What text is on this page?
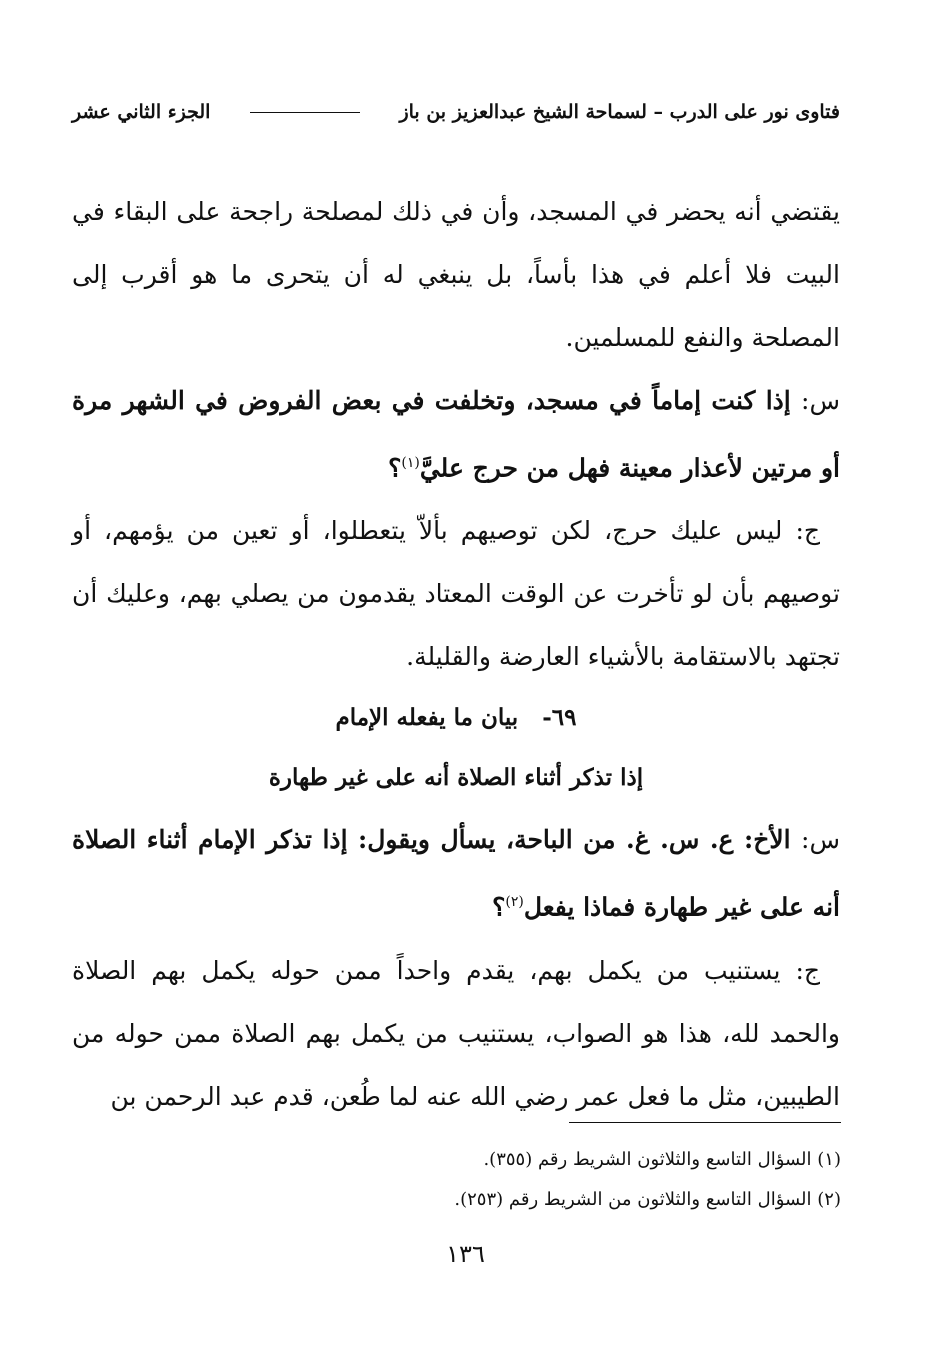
فتاوى نور على الدرب – لسماحة الشيخ عبدالعزيز بن باز
الجزء الثاني عشر

يقتضي أنه يحضر في المسجد، وأن في ذلك لمصلحة راجحة على البقاء في البيت فلا أعلم في هذا بأساً، بل ينبغي له أن يتحرى ما هو أقرب إلى المصلحة والنفع للمسلمين.

س: إذا كنت إماماً في مسجد، وتخلفت في بعض الفروض في الشهر مرة أو مرتين لأعذار معينة فهل من حرج عليَّ$^{(١)}$؟

ج: ليس عليك حرج، لكن توصيهم بألاّ يتعطلوا، أو تعين من يؤمهم، أو توصيهم بأن لو تأخرت عن الوقت المعتاد يقدمون من يصلي بهم، وعليك أن تجتهد بالاستقامة بالأشياء العارضة والقليلة.

٦٩-   بيان ما يفعله الإمام
إذا تذكر أثناء الصلاة أنه على غير طهارة

س: الأخ: ع. س. غ. من الباحة، يسأل ويقول: إذا تذكر الإمام أثناء الصلاة أنه على غير طهارة فماذا يفعل$^{(٢)}$؟

ج: يستنيب من يكمل بهم، يقدم واحداً ممن حوله يكمل بهم الصلاة والحمد لله، هذا هو الصواب، يستنيب من يكمل بهم الصلاة ممن حوله من الطيبين، مثل ما فعل عمر رضي الله عنه لما طُعن، قدم عبد الرحمن بن

(١) السؤال التاسع والثلاثون الشريط رقم (٣٥٥).
(٢) السؤال التاسع والثلاثون من الشريط رقم (٢٥٣).
١٣٦
